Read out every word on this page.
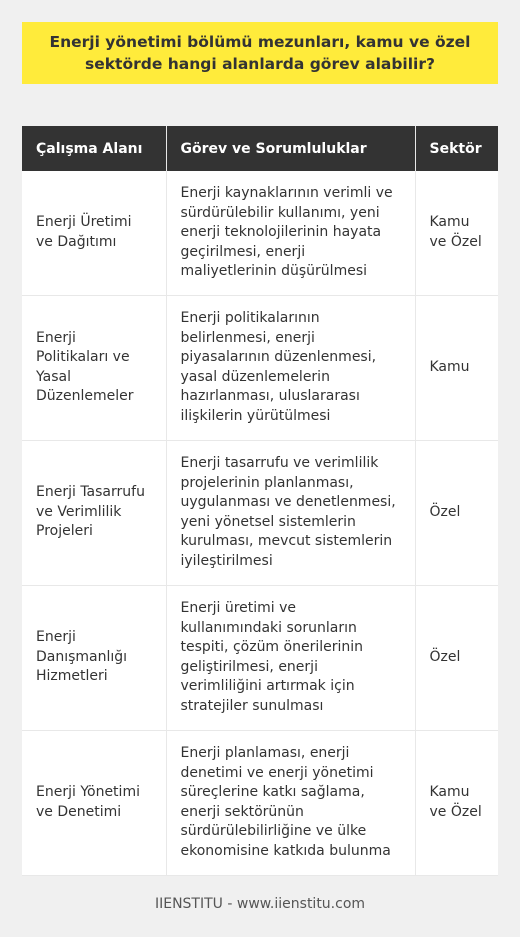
Enerji yönetimi bölümü mezunları, kamu ve özel sektörde hangi alanlarda görev alabilir?
Çalışma Alanı	Görev ve Sorumluluklar	Sektör
Enerji Üretimi ve Dağıtımı	Enerji kaynaklarının verimli ve sürdürülebilir kullanımı, yeni enerji teknolojilerinin hayata geçirilmesi, enerji maliyetlerinin düşürülmesi	Kamu ve Özel
Enerji Politikaları ve Yasal Düzenlemeler	Enerji politikalarının belirlenmesi, enerji piyasalarının düzenlenmesi, yasal düzenlemelerin hazırlanması, uluslararası ilişkilerin yürütülmesi	Kamu
Enerji Tasarrufu ve Verimlilik Projeleri	Enerji tasarrufu ve verimlilik projelerinin planlanması, uygulanması ve denetlenmesi, yeni yönetsel sistemlerin kurulması, mevcut sistemlerin iyileştirilmesi	Özel
Enerji Danışmanlığı Hizmetleri	Enerji üretimi ve kullanımındaki sorunların tespiti, çözüm önerilerinin geliştirilmesi, enerji verimliliğini artırmak için stratejiler sunulması	Özel
Enerji Yönetimi ve Denetimi	Enerji planlaması, enerji denetimi ve enerji yönetimi süreçlerine katkı sağlama, enerji sektörünün sürdürülebilirliğine ve ülke ekonomisine katkıda bulunma	Kamu ve Özel
IIENSTITU - www.iienstitu.com
